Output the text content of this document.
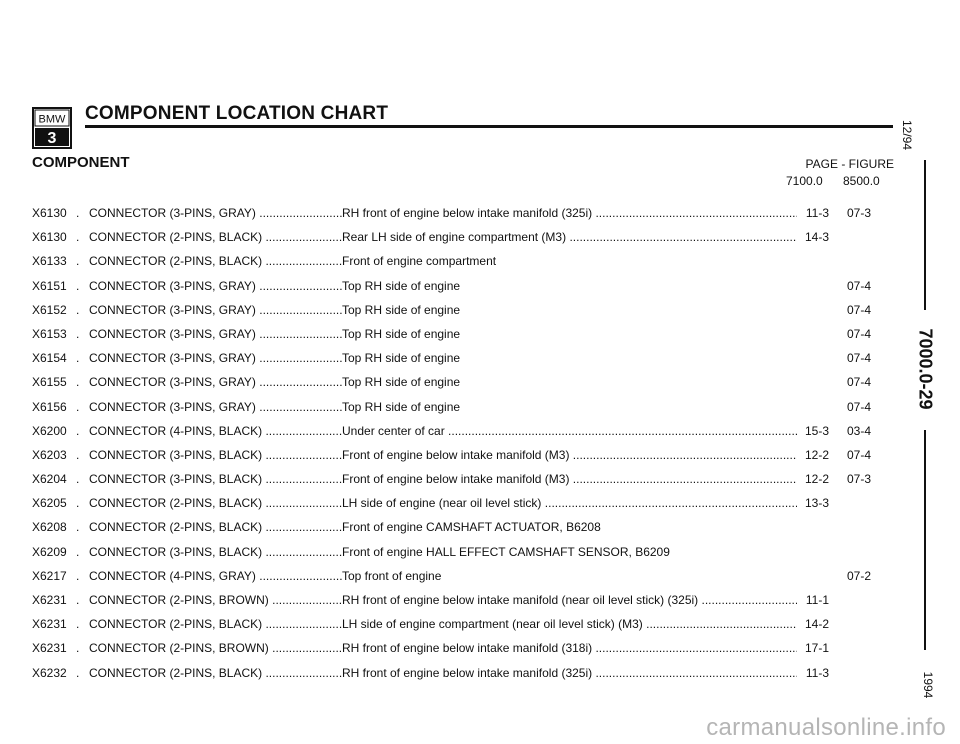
BMW
3
COMPONENT LOCATION CHART
COMPONENT	PAGE - FIGURE
7100.0 8500.0
X6130 . CONNECTOR (3-PINS, GRAY) .....	RH front of engine below intake manifold (325i) .....	11-3 07-3
X6130 . CONNECTOR (2-PINS, BLACK) .....	Rear LH side of engine compartment (M3) .....	14-3
X6133 . CONNECTOR (2-PINS, BLACK) .....	Front of engine compartment
X6151 . CONNECTOR (3-PINS, GRAY) .....	Top RH side of engine	07-4
X6152 . CONNECTOR (3-PINS, GRAY) .....	Top RH side of engine	07-4
X6153 . CONNECTOR (3-PINS, GRAY) .....	Top RH side of engine	07-4
X6154 . CONNECTOR (3-PINS, GRAY) .....	Top RH side of engine	07-4
X6155 . CONNECTOR (3-PINS, GRAY) .....	Top RH side of engine	07-4
X6156 . CONNECTOR (3-PINS, GRAY) .....	Top RH side of engine	07-4
X6200 . CONNECTOR (4-PINS, BLACK) .....	Under center of car .....	15-3 03-4
X6203 . CONNECTOR (3-PINS, BLACK) .....	Front of engine below intake manifold (M3) .....	12-2 07-4
X6204 . CONNECTOR (3-PINS, BLACK) .....	Front of engine below intake manifold (M3) .....	12-2 07-3
X6205 . CONNECTOR (2-PINS, BLACK) .....	LH side of engine (near oil level stick) .....	13-3
X6208 . CONNECTOR (2-PINS, BLACK) .....	Front of engine CAMSHAFT ACTUATOR, B6208
X6209 . CONNECTOR (3-PINS, BLACK) .....	Front of engine HALL EFFECT CAMSHAFT SENSOR, B6209
X6217 . CONNECTOR (4-PINS, GRAY) .....	Top front of engine	07-2
X6231 . CONNECTOR (2-PINS, BROWN) .....	RH front of engine below intake manifold (near oil level stick) (325i) .....	11-1
X6231 . CONNECTOR (2-PINS, BLACK) .....	LH side of engine compartment (near oil level stick) (M3) .....	14-2
X6231 . CONNECTOR (2-PINS, BROWN) .....	RH front of engine below intake manifold (318i) .....	17-1
X6232 . CONNECTOR (2-PINS, BLACK) .....	RH front of engine below intake manifold (325i) .....	11-3
12/94
7000.0-29
1994
carmanualsonline.info
